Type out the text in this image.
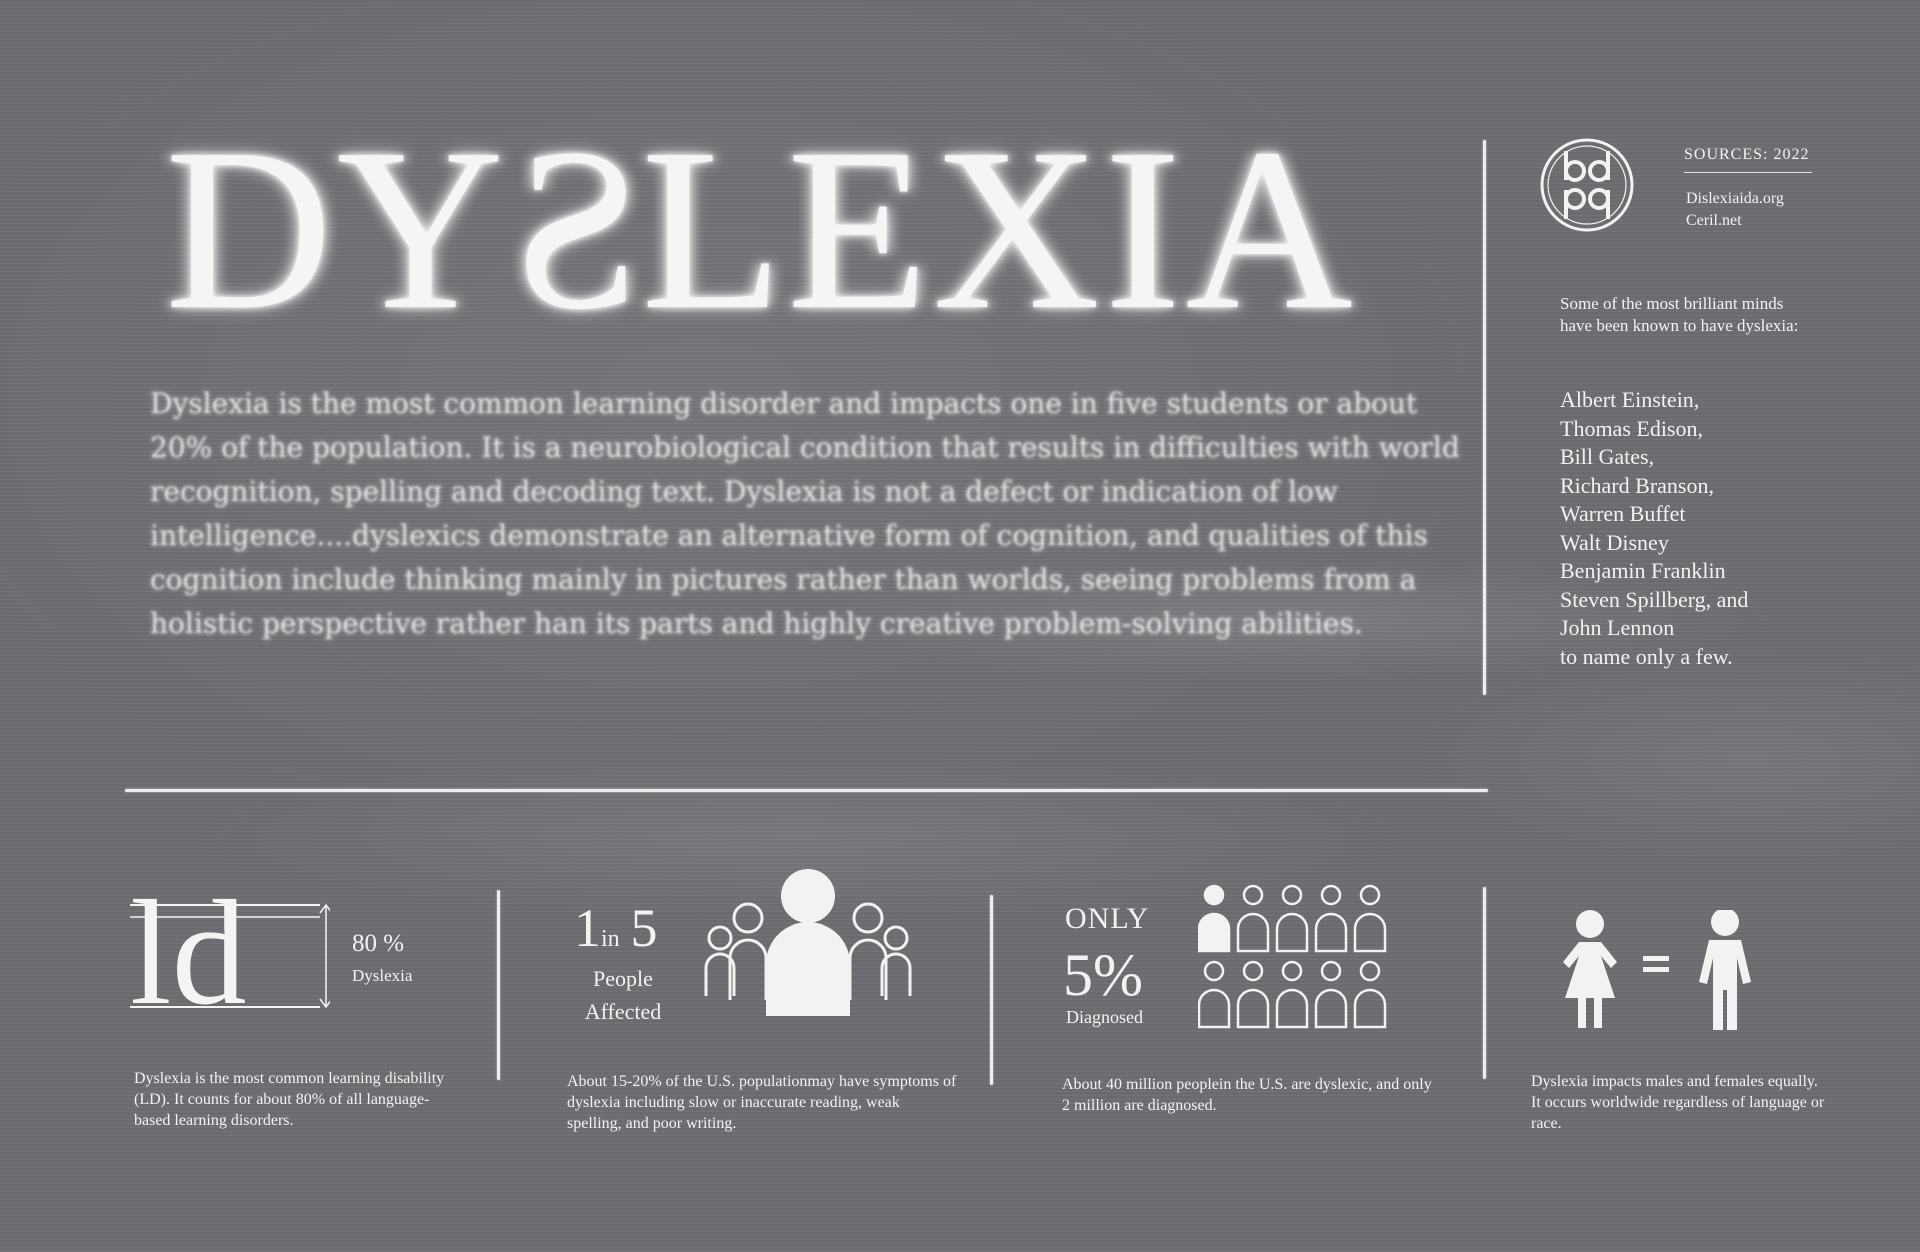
DYSLEXIA
Dyslexia is the most common learning disorder and impacts one in five students or about 20% of the population. It is a neurobiological condition that results in difficulties with world recognition, spelling and decoding text. Dyslexia is not a defect or indication of low intelligence....dyslexics demonstrate an alternative form of cognition, and qualities of this cognition include thinking mainly in pictures rather than worlds, seeing problems from a holistic perspective rather han its parts and highly creative problem-solving abilities.
SOURCES: 2022
Dislexiaida.org
Ceril.net
Some of the most brilliant minds have been known to have dyslexia:
Albert Einstein,
Thomas Edison,
Bill Gates,
Richard Branson,
Warren Buffet
Walt Disney
Benjamin Franklin
Steven Spillberg, and
John Lennon
to name only a few.
ld	80 %
Dyslexia
Dyslexia is the most common learning disability (LD). It counts for about 80% of all language-based learning disorders.
1in  5
People
Affected
About 15-20% of the U.S. populationmay have symptoms of dyslexia including slow or inaccurate reading, weak spelling, and poor writing.
ONLY
5%
Diagnosed
About 40 million peoplein the U.S. are dyslexic, and only 2 million are diagnosed.
=
Dyslexia impacts males and females equally. It occurs worldwide regardless of language or race.
